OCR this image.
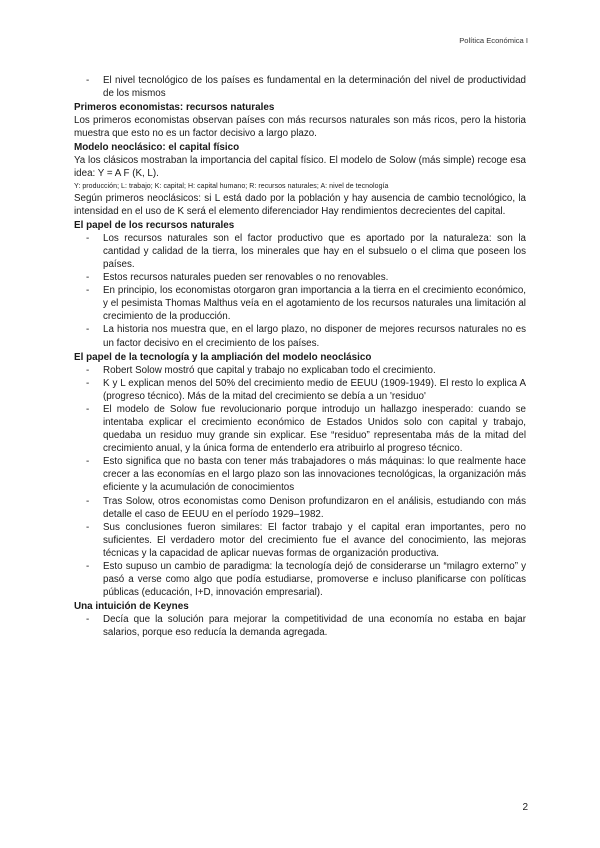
Política Económica I
- El nivel tecnológico de los países es fundamental en la determinación del nivel de productividad de los mismos
Primeros economistas: recursos naturales

Los primeros economistas observan países con más recursos naturales son más ricos, pero la historia muestra que esto no es un factor decisivo a largo plazo.

Modelo neoclásico: el capital físico

Ya los clásicos mostraban la importancia del capital físico. El modelo de Solow (más simple) recoge esa idea: Y = A F (K, L).

Y: producción; L: trabajo; K: capital; H: capital humano; R: recursos naturales; A: nivel de tecnología

Según primeros neoclásicos: si L está dado por la población y hay ausencia de cambio tecnológico, la intensidad en el uso de K será el elemento diferenciador Hay rendimientos decrecientes del capital.

El papel de los recursos naturales
- Los recursos naturales son el factor productivo que es aportado por la naturaleza: son la cantidad y calidad de la tierra, los minerales que hay en el subsuelo o el clima que poseen los países.
- Estos recursos naturales pueden ser renovables o no renovables.
- En principio, los economistas otorgaron gran importancia a la tierra en el crecimiento económico, y el pesimista Thomas Malthus veía en el agotamiento de los recursos naturales una limitación al crecimiento de la producción.
- La historia nos muestra que, en el largo plazo, no disponer de mejores recursos naturales no es un factor decisivo en el crecimiento de los países.
El papel de la tecnología y la ampliación del modelo neoclásico
- Robert Solow mostró que capital y trabajo no explicaban todo el crecimiento.
- K y L explican menos del 50% del crecimiento medio de EEUU (1909-1949). El resto lo explica A (progreso técnico). Más de la mitad del crecimiento se debía a un 'residuo'
- El modelo de Solow fue revolucionario porque introdujo un hallazgo inesperado: cuando se intentaba explicar el crecimiento económico de Estados Unidos solo con capital y trabajo, quedaba un residuo muy grande sin explicar. Ese “residuo” representaba más de la mitad del crecimiento anual, y la única forma de entenderlo era atribuirlo al progreso técnico.
- Esto significa que no basta con tener más trabajadores o más máquinas: lo que realmente hace crecer a las economías en el largo plazo son las innovaciones tecnológicas, la organización más eficiente y la acumulación de conocimientos
- Tras Solow, otros economistas como Denison profundizaron en el análisis, estudiando con más detalle el caso de EEUU en el período 1929–1982.
- Sus conclusiones fueron similares: El factor trabajo y el capital eran importantes, pero no suficientes. El verdadero motor del crecimiento fue el avance del conocimiento, las mejoras técnicas y la capacidad de aplicar nuevas formas de organización productiva.
- Esto supuso un cambio de paradigma: la tecnología dejó de considerarse un “milagro externo” y pasó a verse como algo que podía estudiarse, promoverse e incluso planificarse con políticas públicas (educación, I+D, innovación empresarial).
Una intuición de Keynes
- Decía que la solución para mejorar la competitividad de una economía no estaba en bajar salarios, porque eso reducía la demanda agregada.
2
